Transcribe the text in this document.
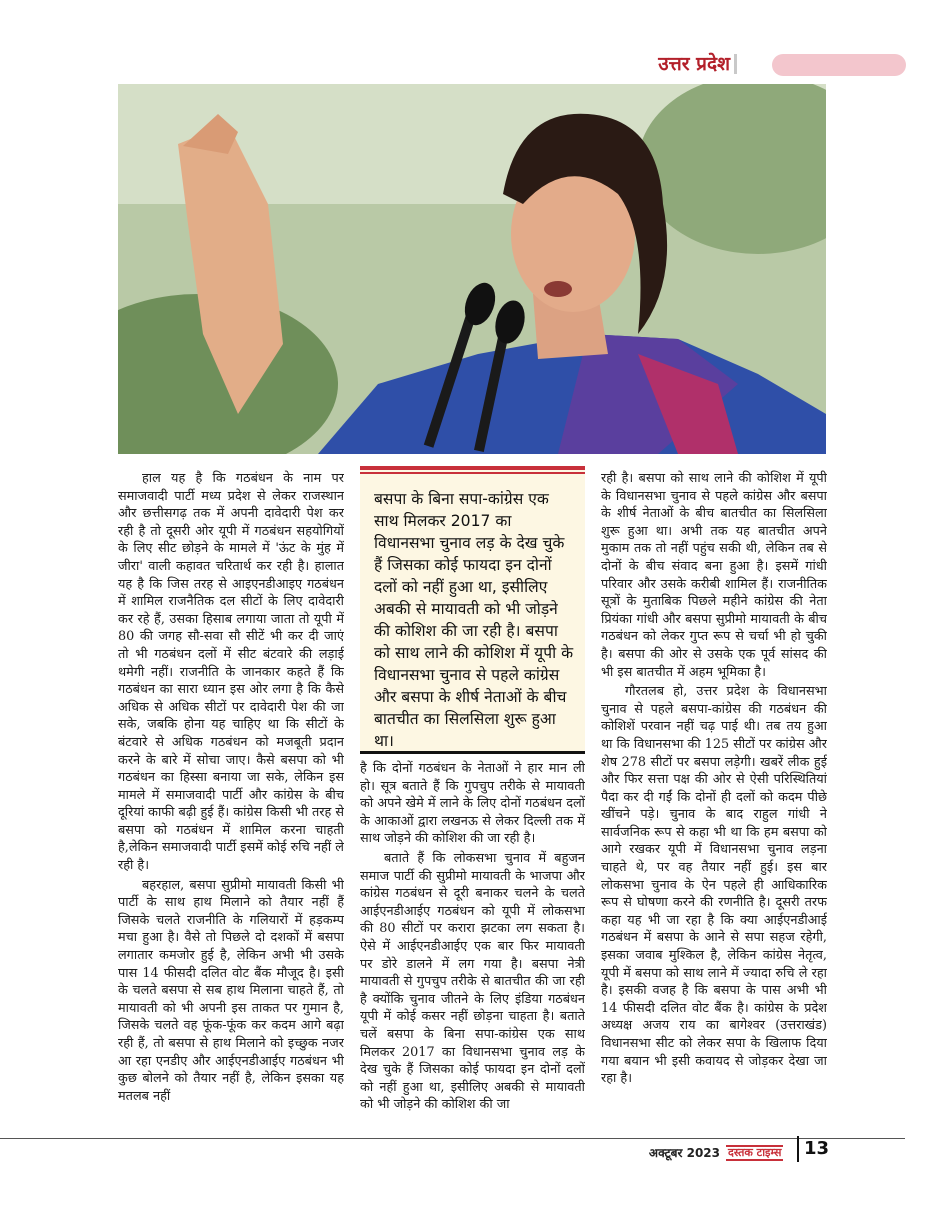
उत्तर प्रदेश

हाल यह है कि गठबंधन के नाम पर समाजवादी पार्टी मध्य प्रदेश से लेकर राजस्थान और छत्तीसगढ़ तक में अपनी दावेदारी पेश कर रही है तो दूसरी ओर यूपी में गठबंधन सहयोगियों के लिए सीट छोड़ने के मामले में 'ऊंट के मुंह में जीरा' वाली कहावत चरितार्थ कर रही है। हालात यह है कि जिस तरह से आइएनडीआइए गठबंधन में शामिल राजनैतिक दल सीटों के लिए दावेदारी कर रहे हैं, उसका हिसाब लगाया जाता तो यूपी में 80 की जगह सौ-सवा सौ सीटें भी कर दी जाएं तो भी गठबंधन दलों में सीट बंटवारे की लड़ाई थमेगी नहीं। राजनीति के जानकार कहते हैं कि गठबंधन का सारा ध्यान इस ओर लगा है कि कैसे अधिक से अधिक सीटों पर दावेदारी पेश की जा सके, जबकि होना यह चाहिए था कि सीटों के बंटवारे से अधिक गठबंधन को मजबूती प्रदान करने के बारे में सोचा जाए। कैसे बसपा को भी गठबंधन का हिस्सा बनाया जा सके, लेकिन इस मामले में समाजवादी पार्टी और कांग्रेस के बीच दूरियां काफी बढ़ी हुई हैं। कांग्रेस किसी भी तरह से बसपा को गठबंधन में शामिल करना चाहती है,लेकिन समाजवादी पार्टी इसमें कोई रुचि नहीं ले रही है।

बहरहाल, बसपा सुप्रीमो मायावती किसी भी पार्टी के साथ हाथ मिलाने को तैयार नहीं हैं जिसके चलते राजनीति के गलियारों में हड़कम्प मचा हुआ है। वैसे तो पिछले दो दशकों में बसपा लगातार कमजोर हुई है, लेकिन अभी भी उसके पास 14 फीसदी दलित वोट बैंक मौजूद है। इसी के चलते बसपा से सब हाथ मिलाना चाहते हैं, तो मायावती को भी अपनी इस ताकत पर गुमान है, जिसके चलते वह फूंक-फूंक कर कदम आगे बढ़ा रही हैं, तो बसपा से हाथ मिलाने को इच्छुक नजर आ रहा एनडीए और आईएनडीआईए गठबंधन भी कुछ बोलने को तैयार नहीं है, लेकिन इसका यह मतलब नहीं

बसपा के बिना सपा-कांग्रेस एक साथ मिलकर 2017 का विधानसभा चुनाव लड़ के देख चुके हैं जिसका कोई फायदा इन दोनों दलों को नहीं हुआ था, इसीलिए अबकी से मायावती को भी जोड़ने की कोशिश की जा रही है। बसपा को साथ लाने की कोशिश में यूपी के विधानसभा चुनाव से पहले कांग्रेस और बसपा के शीर्ष नेताओं के बीच बातचीत का सिलसिला शुरू हुआ था।

है कि दोनों गठबंधन के नेताओं ने हार मान ली हो। सूत्र बताते हैं कि गुपचुप तरीके से मायावती को अपने खेमे में लाने के लिए दोनों गठबंधन दलों के आकाओं द्वारा लखनऊ से लेकर दिल्ली तक में साथ जोड़ने की कोशिश की जा रही है।

बताते हैं कि लोकसभा चुनाव में बहुजन समाज पार्टी की सुप्रीमो मायावती के भाजपा और कांग्रेस गठबंधन से दूरी बनाकर चलने के चलते आईएनडीआईए गठबंधन को यूपी में लोकसभा की 80 सीटों पर करारा झटका लग सकता है। ऐसे में आईएनडीआईए एक बार फिर मायावती पर डोरे डालने में लग गया है। बसपा नेत्री मायावती से गुपचुप तरीके से बातचीत की जा रही है क्योंकि चुनाव जीतने के लिए इंडिया गठबंधन यूपी में कोई कसर नहीं छोड़ना चाहता है। बताते चलें बसपा के बिना सपा-कांग्रेस एक साथ मिलकर 2017 का विधानसभा चुनाव लड़ के देख चुके हैं जिसका कोई फायदा इन दोनों दलों को नहीं हुआ था, इसीलिए अबकी से मायावती को भी जोड़ने की कोशिश की जा

रही है। बसपा को साथ लाने की कोशिश में यूपी के विधानसभा चुनाव से पहले कांग्रेस और बसपा के शीर्ष नेताओं के बीच बातचीत का सिलसिला शुरू हुआ था। अभी तक यह बातचीत अपने मुकाम तक तो नहीं पहुंच सकी थी, लेकिन तब से दोनों के बीच संवाद बना हुआ है। इसमें गांधी परिवार और उसके करीबी शामिल हैं। राजनीतिक सूत्रों के मुताबिक पिछले महीने कांग्रेस की नेता प्रियंका गांधी और बसपा सुप्रीमो मायावती के बीच गठबंधन को लेकर गुप्त रूप से चर्चा भी हो चुकी है। बसपा की ओर से उसके एक पूर्व सांसद की भी इस बातचीत में अहम भूमिका है।

गौरतलब हो, उत्तर प्रदेश के विधानसभा चुनाव से पहले बसपा-कांग्रेस की गठबंधन की कोशिशें परवान नहीं चढ़ पाई थी। तब तय हुआ था कि विधानसभा की 125 सीटों पर कांग्रेस और शेष 278 सीटों पर बसपा लड़ेगी। खबरें लीक हुई और फिर सत्ता पक्ष की ओर से ऐसी परिस्थितियां पैदा कर दी गईं कि दोनों ही दलों को कदम पीछे खींचने पड़े। चुनाव के बाद राहुल गांधी ने सार्वजनिक रूप से कहा भी था कि हम बसपा को आगे रखकर यूपी में विधानसभा चुनाव लड़ना चाहते थे, पर वह तैयार नहीं हुई। इस बार लोकसभा चुनाव के ऐन पहले ही आधिकारिक रूप से घोषणा करने की रणनीति है। दूसरी तरफ कहा यह भी जा रहा है कि क्या आईएनडीआई गठबंधन में बसपा के आने से सपा सहज रहेगी, इसका जवाब मुश्किल है, लेकिन कांग्रेस नेतृत्व, यूपी में बसपा को साथ लाने में ज्यादा रुचि ले रहा है। इसकी वजह है कि बसपा के पास अभी भी 14 फीसदी दलित वोट बैंक है। कांग्रेस के प्रदेश अध्यक्ष अजय राय का बागेश्वर (उत्तराखंड) विधानसभा सीट को लेकर सपा के खिलाफ दिया गया बयान भी इसी कवायद से जोड़कर देखा जा रहा है।

अक्टूबर 2023 दस्तक टाइम्स 13
